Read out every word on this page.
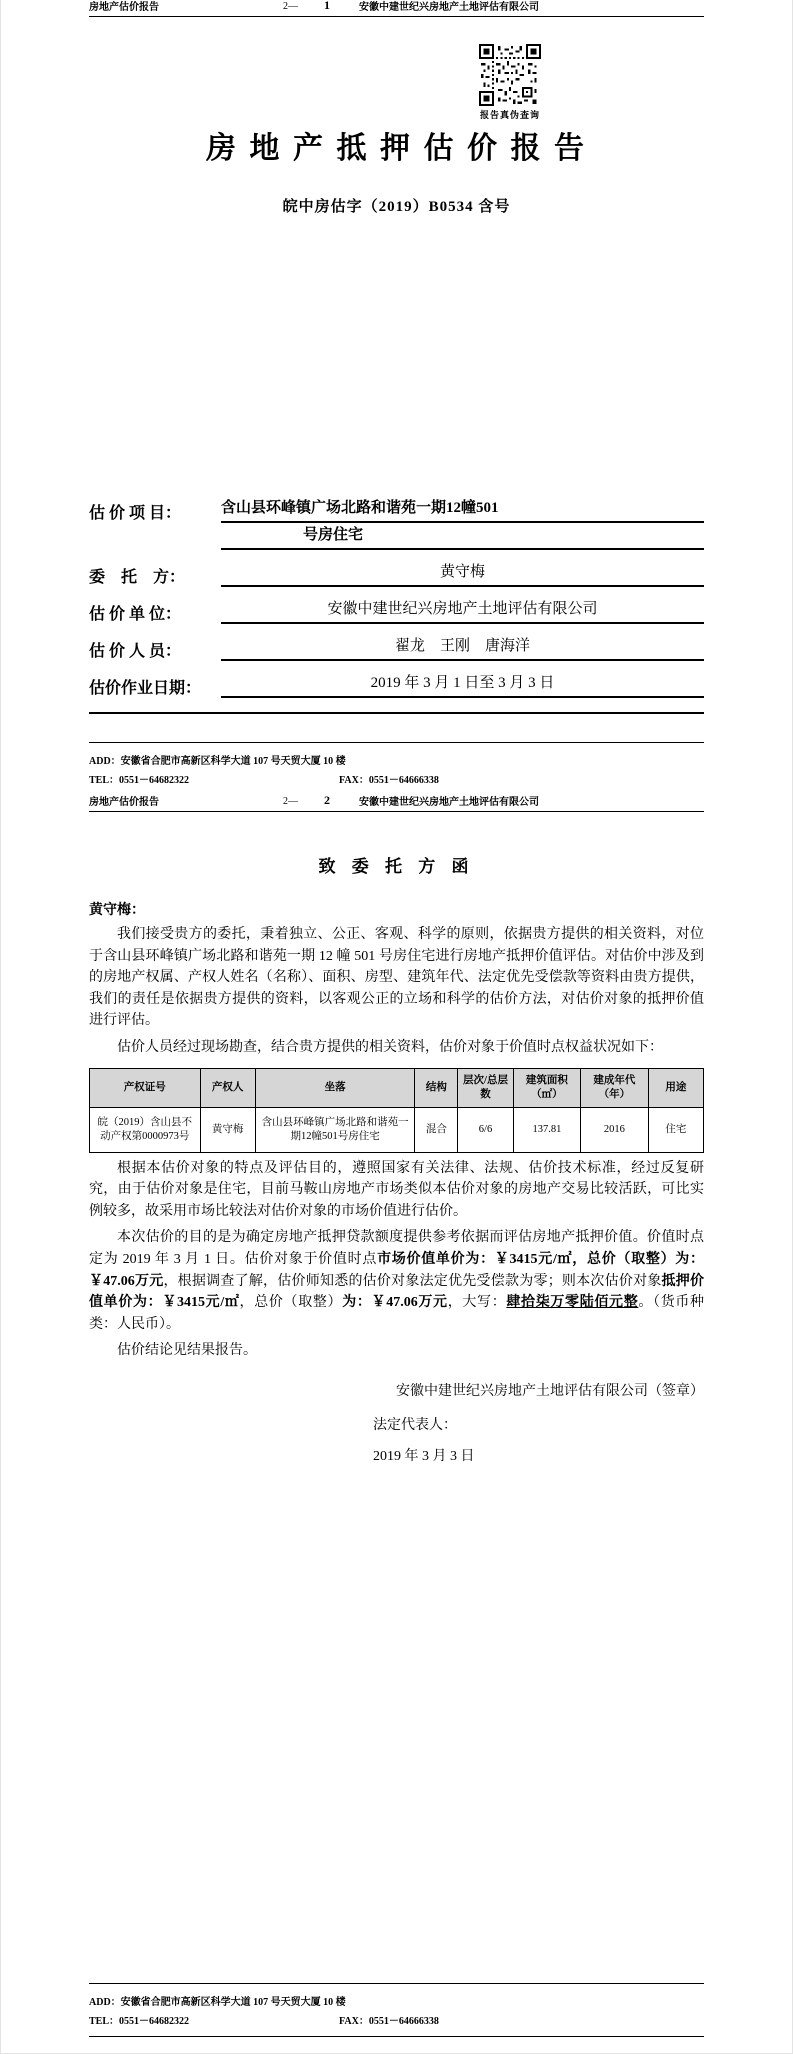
房地产估价报告	2— 1	安徽中建世纪兴房地产土地评估有限公司
房 地 产 抵 押 估 价 报 告
皖中房估字（2019）B0534 含号
估 价 项 目：	含山县环峰镇广场北路和谐苑一期12幢501
号房住宅
委　托　方：	黄守梅
估 价 单 位：	安徽中建世纪兴房地产土地评估有限公司
估 价 人 员：	翟龙　王刚　唐海洋
估价作业日期：	2019 年 3 月 1 日至 3 月 3 日
ADD：安徽省合肥市高新区科学大道 107 号天贸大厦 10 楼
TEL：0551－64682322	FAX：0551－64666338
房地产估价报告	2— 2	安徽中建世纪兴房地产土地评估有限公司
报告真伪查询
致 委 托 方 函
黄守梅：

我们接受贵方的委托，秉着独立、公正、客观、科学的原则，依据贵方提供的相关资料，对位于含山县环峰镇广场北路和谐苑一期 12 幢 501 号房住宅进行房地产抵押价值评估。对估价中涉及到的房地产权属、产权人姓名（名称）、面积、房型、建筑年代、法定优先受偿款等资料由贵方提供，我们的责任是依据贵方提供的资料，以客观公正的立场和科学的估价方法，对估价对象的抵押价值进行评估。

估价人员经过现场勘查，结合贵方提供的相关资料，估价对象于价值时点权益状况如下：

产权证号	产权人	坐落	结构	层次/总层数	建筑面积（㎡）	建成年代（年）	用途
皖（2019）含山县不动产权第0000973号	黄守梅	含山县环峰镇广场北路和谐苑一期12幢501号房住宅	混合	6/6	137.81	2016	住宅

根据本估价对象的特点及评估目的，遵照国家有关法律、法规、估价技术标准，经过反复研究，由于估价对象是住宅，目前马鞍山房地产市场类似本估价对象的房地产交易比较活跃，可比实例较多，故采用市场比较法对估价对象的市场价值进行估价。

本次估价的目的是为确定房地产抵押贷款额度提供参考依据而评估房地产抵押价值。价值时点定为 2019 年 3 月 1 日。估价对象于价值时点市场价值单价为：￥3415元/㎡，总价（取整）为：￥47.06万元，根据调查了解，估价师知悉的估价对象法定优先受偿款为零；则本次估价对象抵押价值单价为：￥3415元/㎡，总价（取整）为：￥47.06万元，大写：肆拾柒万零陆佰元整。（货币种类：人民币）。

估价结论见结果报告。

安徽中建世纪兴房地产土地评估有限公司（签章）
法定代表人：
2019 年 3 月 3 日
ADD：安徽省合肥市高新区科学大道 107 号天贸大厦 10 楼
TEL：0551－64682322	FAX：0551－64666338
